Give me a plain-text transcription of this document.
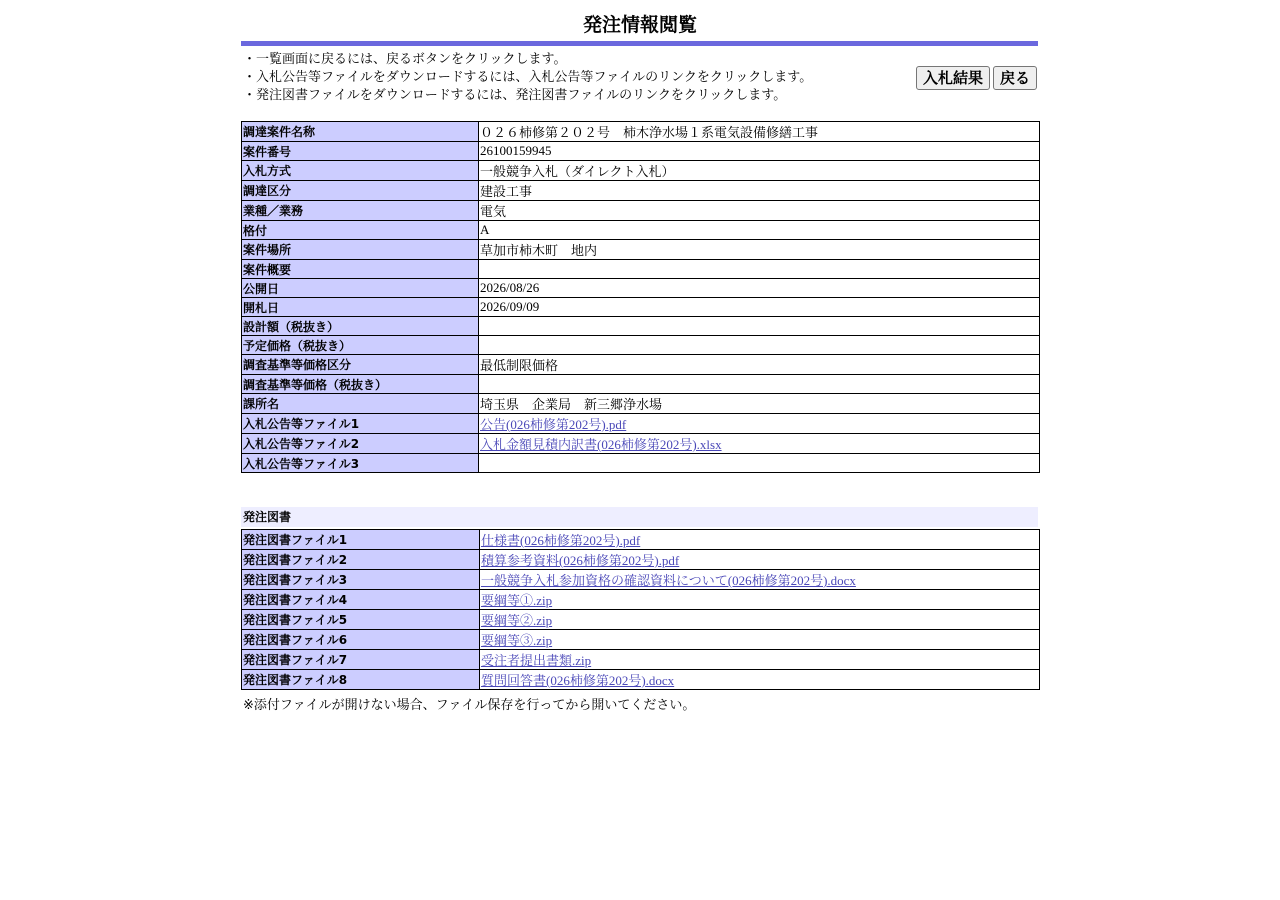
発注情報閲覧
・一覧画面に戻るには、戻るボタンをクリックします。
・入札公告等ファイルをダウンロードするには、入札公告等ファイルのリンクをクリックします。
・発注図書ファイルをダウンロードするには、発注図書ファイルのリンクをクリックします。
入札結果	戻る
調達案件名称	０２６柿修第２０２号　柿木浄水場１系電気設備修繕工事
案件番号	26100159945
入札方式	一般競争入札（ダイレクト入札）
調達区分	建設工事
業種／業務	電気
格付	A
案件場所	草加市柿木町　地内
案件概要	
公開日	2026/08/26
開札日	2026/09/09
設計額（税抜き）	
予定価格（税抜き）	
調査基準等価格区分	最低制限価格
調査基準等価格（税抜き）	
課所名	埼玉県　企業局　新三郷浄水場
入札公告等ファイル1	公告(026柿修第202号).pdf
入札公告等ファイル2	入札金額見積内訳書(026柿修第202号).xlsx
入札公告等ファイル3	
発注図書
発注図書ファイル1	仕様書(026柿修第202号).pdf
発注図書ファイル2	積算参考資料(026柿修第202号).pdf
発注図書ファイル3	一般競争入札参加資格の確認資料について(026柿修第202号).docx
発注図書ファイル4	要綱等①.zip
発注図書ファイル5	要綱等②.zip
発注図書ファイル6	要綱等③.zip
発注図書ファイル7	受注者提出書類.zip
発注図書ファイル8	質問回答書(026柿修第202号).docx
※添付ファイルが開けない場合、ファイル保存を行ってから開いてください。
